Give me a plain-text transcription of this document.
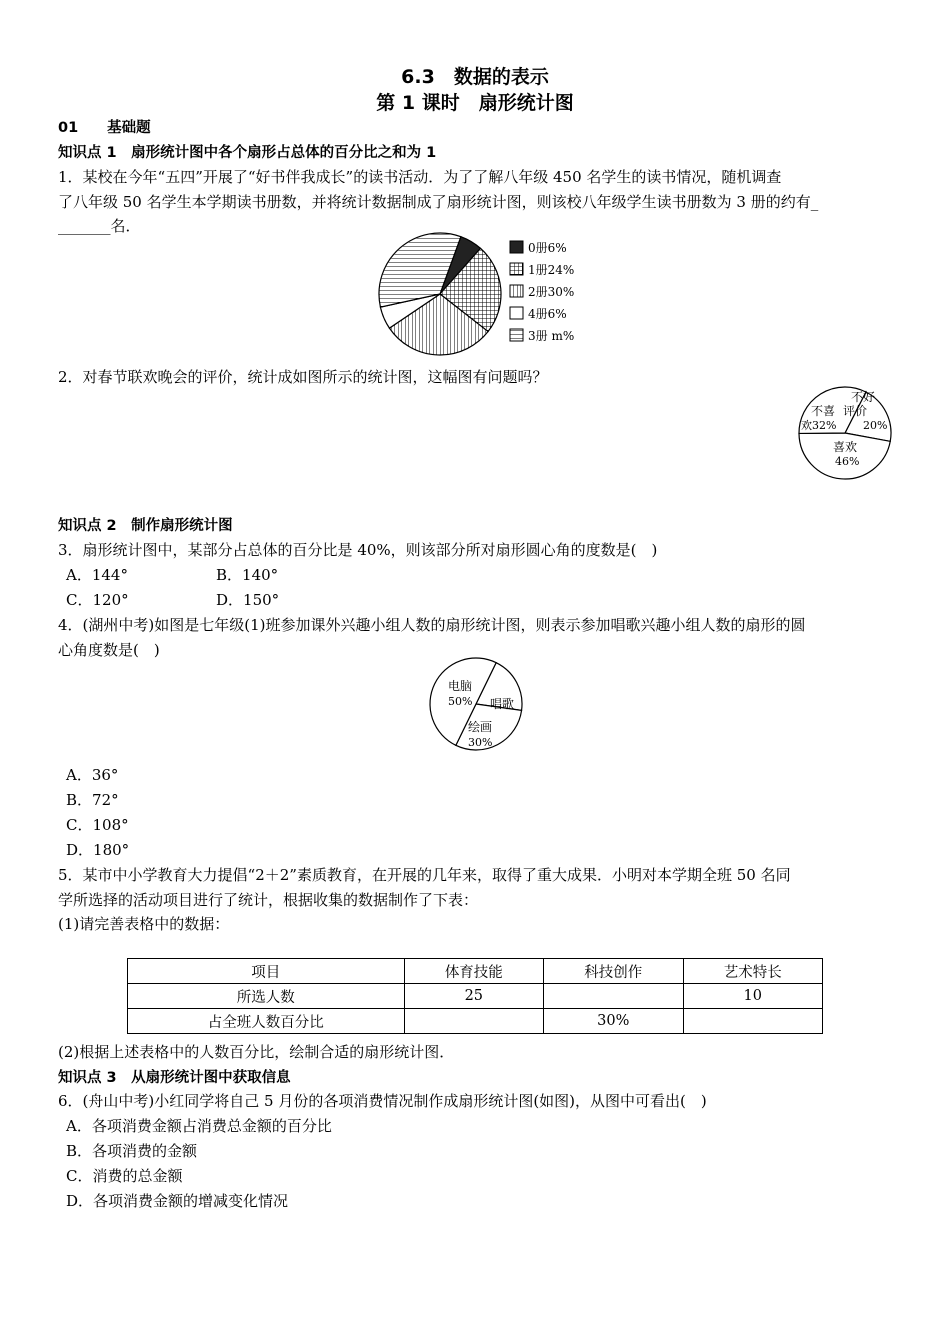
6.3　数据的表示
第 1 课时　扇形统计图
01　　基础题
知识点 1　扇形统计图中各个扇形占总体的百分比之和为 1
1．某校在今年“五四”开展了“好书伴我成长”的读书活动．为了了解八年级 450 名学生的读书情况，随机调查
了八年级 50 名学生本学期读书册数，并将统计数据制成了扇形统计图，则该校八年级学生读书册数为 3 册的约有_
_______名．
0册6%
1册24%
2册30%
4册6%
3册 m%
2．对春节联欢晚会的评价，统计成如图所示的统计图，这幅图有问题吗？
不好
评价
20%
不喜
欢32%
喜欢
46%
知识点 2　制作扇形统计图
3．扇形统计图中，某部分占总体的百分比是 40%，则该部分所对扇形圆心角的度数是(　)
A．144°	B．140°
C．120°	D．150°
4．(湖州中考)如图是七年级(1)班参加课外兴趣小组人数的扇形统计图，则表示参加唱歌兴趣小组人数的扇形的圆
心角度数是(　)
电脑
50% 唱歌
绘画
30%
A．36°
B．72°
C．108°
D．180°
5．某市中小学教育大力提倡“2＋2”素质教育，在开展的几年来，取得了重大成果．小明对本学期全班 50 名同
学所选择的活动项目进行了统计，根据收集的数据制作了下表：
(1)请完善表格中的数据：
项目	体育技能	科技创作	艺术特长
所选人数	25		10
占全班人数百分比		30%	
(2)根据上述表格中的人数百分比，绘制合适的扇形统计图．
知识点 3　从扇形统计图中获取信息
6．(舟山中考)小红同学将自己 5 月份的各项消费情况制作成扇形统计图(如图)，从图中可看出(　)
A．各项消费金额占消费总金额的百分比
B．各项消费的金额
C．消费的总金额
D．各项消费金额的增减变化情况
